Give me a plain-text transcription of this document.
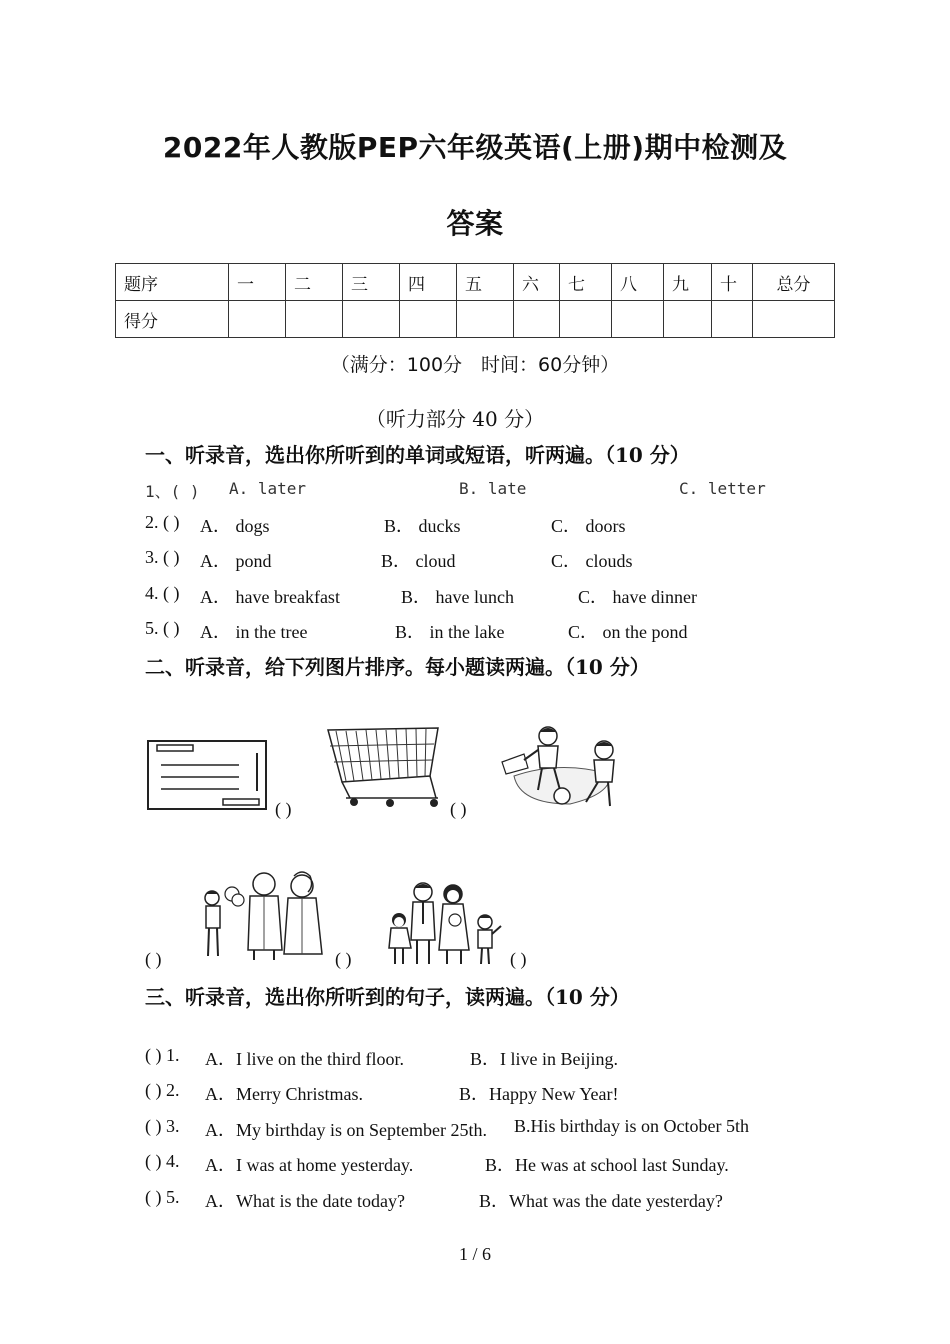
2022年人教版PEP六年级英语(上册)期中检测及
答案
题序	一	二	三	四	五	六	七	八	九	十	总分
得分											
（满分：100分　时间：60分钟）
（听力部分 40 分）
一、听录音，选出你所听到的单词或短语，听两遍。（10 分）
1、( ) A. later	B. late	C. letter
2. ( ) A． dogs	B． ducks	C． doors
3. ( ) A． pond	B． cloud	C． clouds
4. ( ) A． have breakfast	B． have lunch	C． have dinner
5. ( ) A． in the tree	B． in the lake	C． on the pond
二、听录音，给下列图片排序。每小题读两遍。（10 分）
( )	( )
( )	( )	( )
三、听录音，选出你所听到的句子，读两遍。（10 分）
( ) 1. A．I live on the third floor.	B．I live in Beijing.
( ) 2. A．Merry Christmas.	B．Happy New Year!
( ) 3. A．My birthday is on September 25th. B.His birthday is on October 5th
( ) 4. A．I was at home yesterday.	B．He was at school last Sunday.
( ) 5. A．What is the date today?	B．What was the date yesterday?
1 / 6
